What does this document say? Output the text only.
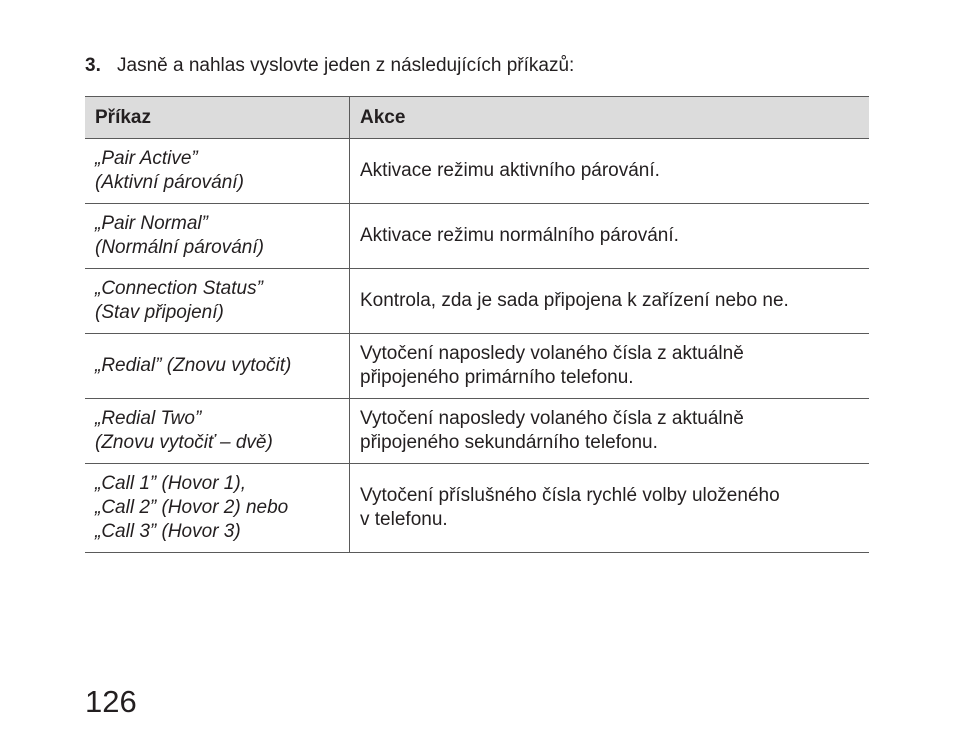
3. Jasně a nahlas vyslovte jeden z následujících příkazů:
Příkaz	Akce
„Pair Active”
(Aktivní párování)	Aktivace režimu aktivního párování.
„Pair Normal”
(Normální párování)	Aktivace režimu normálního párování.
„Connection Status”
(Stav připojení)	Kontrola, zda je sada připojena k zařízení nebo ne.
„Redial” (Znovu vytočit)	Vytočení naposledy volaného čísla z aktuálně
připojeného primárního telefonu.
„Redial Two”
(Znovu vytočiť – dvě)	Vytočení naposledy volaného čísla z aktuálně
připojeného sekundárního telefonu.
„Call 1” (Hovor 1),
„Call 2” (Hovor 2) nebo
„Call 3” (Hovor 3)	Vytočení příslušného čísla rychlé volby uloženého
v telefonu.
126
